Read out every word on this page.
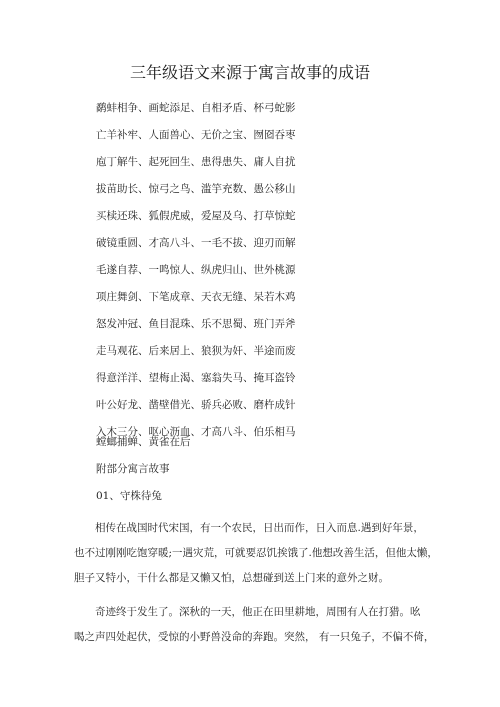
三年级语文来源于寓言故事的成语
鹬蚌相争、画蛇添足、自相矛盾、杯弓蛇影
亡羊补牢、人面兽心、无价之宝、囫囵吞枣
庖丁解牛、起死回生、患得患失、庸人自扰
拔苗助长、惊弓之鸟、滥竽充数、愚公移山
买椟还珠、狐假虎威，爱屋及乌、打草惊蛇
破镜重圆、才高八斗、一毛不拔、迎刃而解
毛遂自荐、一鸣惊人、纵虎归山、世外桃源
项庄舞剑、下笔成章、天衣无缝、呆若木鸡
怒发冲冠、鱼目混珠、乐不思蜀、班门弄斧
走马观花、后来居上、狼狈为奸、半途而废
得意洋洋、望梅止渴、塞翁失马、掩耳盗铃
叶公好龙、凿壁借光、骄兵必败、磨杵成针
入木三分、呕心沥血、才高八斗、伯乐相马
螳螂捕蝉、黄雀在后
附部分寓言故事
01、守株待兔
相传在战国时代宋国，有一个农民，日出而作，日入而息.遇到好年景，
也不过刚刚吃饱穿暖;一遇灾荒，可就要忍饥挨饿了.他想改善生活，但他太懒，
胆子又特小，干什么都是又懒又怕，总想碰到送上门来的意外之财。
奇迹终于发生了。深秋的一天，他正在田里耕地，周围有人在打猎。吆
喝之声四处起伏，受惊的小野兽没命的奔跑。突然， 有一只兔子，不偏不倚，
